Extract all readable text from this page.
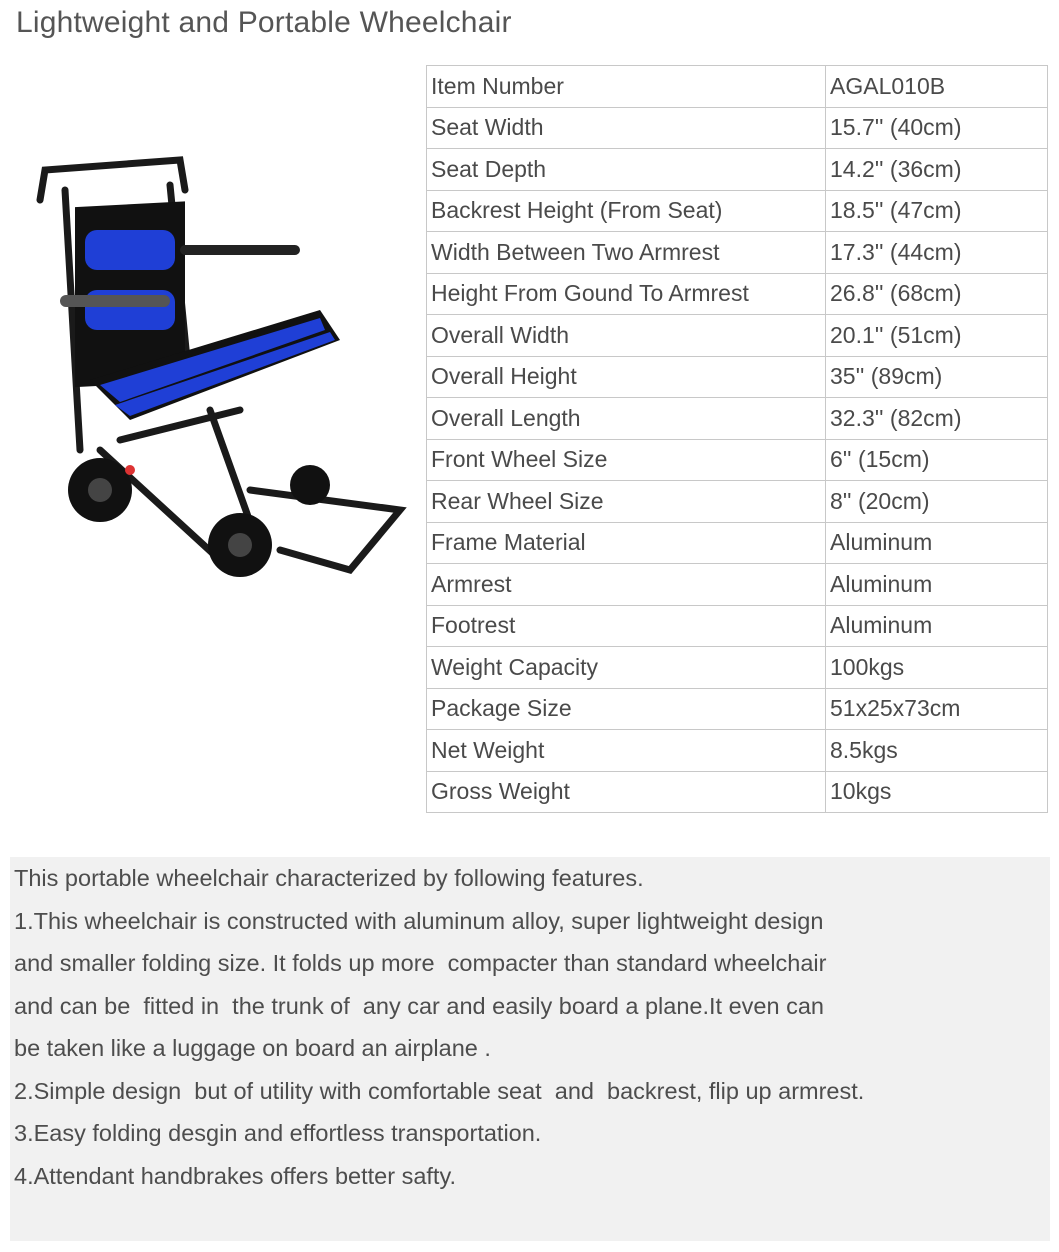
Lightweight and Portable Wheelchair
Item Number	AGAL010B
Seat Width	15.7'' (40cm)
Seat Depth	14.2'' (36cm)
Backrest Height (From Seat)	18.5'' (47cm)
Width Between Two Armrest	17.3'' (44cm)
Height From Gound To Armrest	26.8'' (68cm)
Overall Width	20.1'' (51cm)
Overall Height	35'' (89cm)
Overall Length	32.3'' (82cm)
Front Wheel Size	6'' (15cm)
Rear Wheel Size	8'' (20cm)
Frame Material	Aluminum
Armrest	Aluminum
Footrest	Aluminum
Weight Capacity	100kgs
Package Size	51x25x73cm
Net Weight	8.5kgs
Gross Weight	10kgs

This portable wheelchair characterized by following features.

1.This wheelchair is constructed with aluminum alloy, super lightweight design

and smaller folding size. It folds up more  compacter than standard wheelchair

and can be  fitted in  the trunk of  any car and easily board a plane.It even can

be taken like a luggage on board an airplane .

2.Simple design  but of utility with comfortable seat  and  backrest, flip up armrest.

3.Easy folding desgin and effortless transportation.

4.Attendant handbrakes offers better safty.
